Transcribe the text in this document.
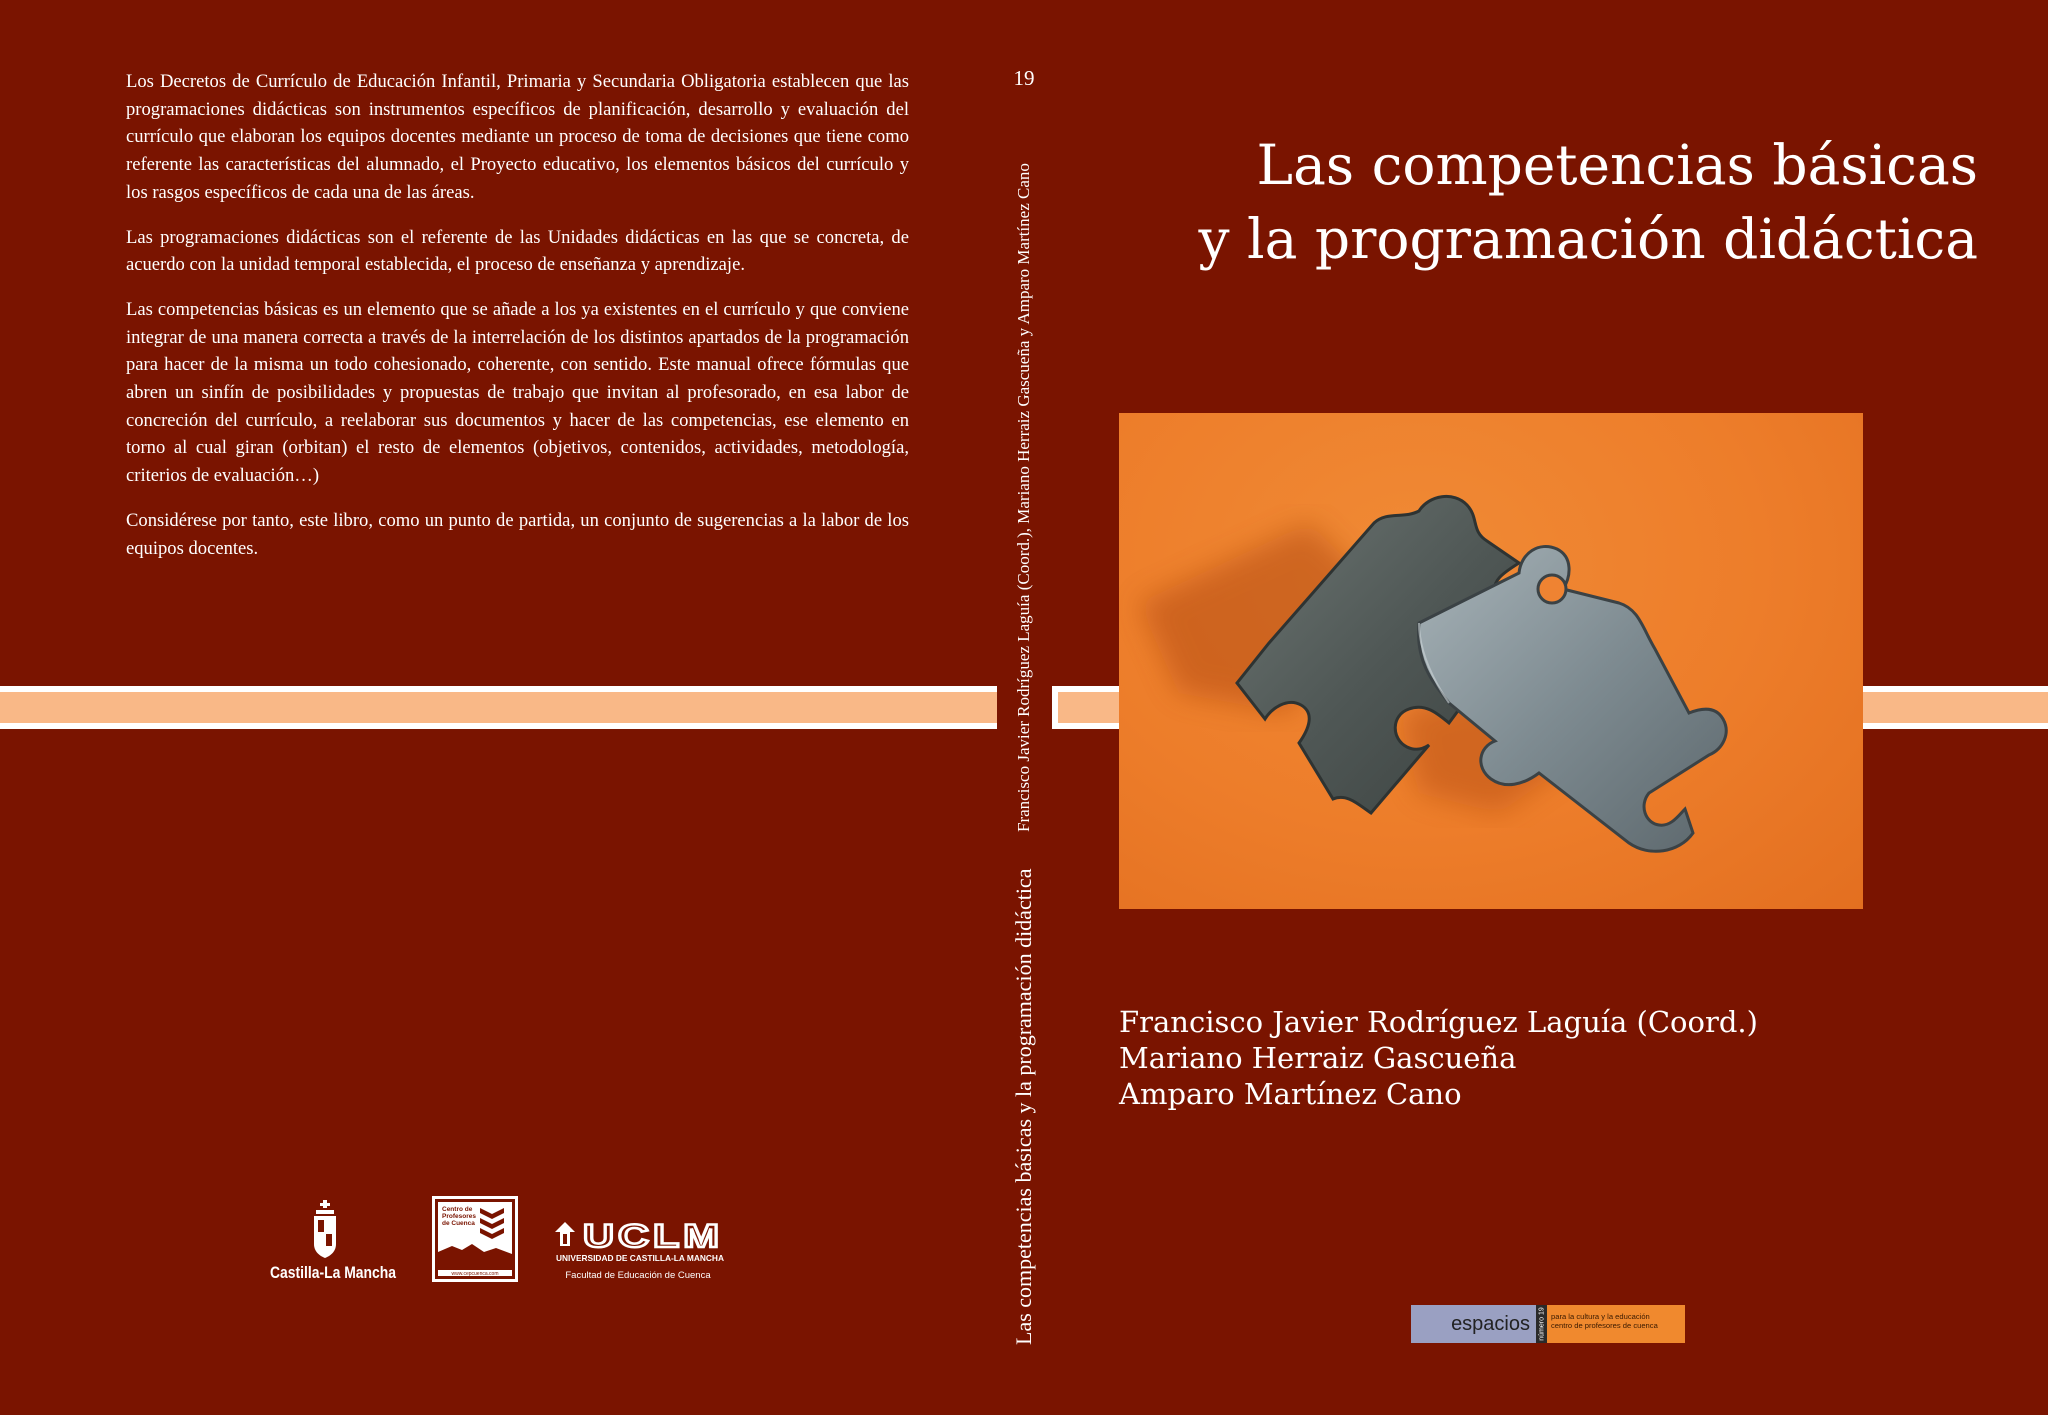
Los Decretos de Currículo de Educación Infantil, Primaria y Secundaria Obligatoria establecen que las programaciones didácticas son instrumentos específicos de planificación, desarrollo y evaluación del currículo que elaboran los equipos docentes mediante un proceso de toma de decisiones que tiene como referente las características del alumnado, el Proyecto educativo, los elementos básicos del currículo y los rasgos específicos de cada una de las áreas.

Las programaciones didácticas son el referente de las Unidades didácticas en las que se concreta, de acuerdo con la unidad temporal establecida, el proceso de enseñanza y aprendizaje.

Las competencias básicas es un elemento que se añade a los ya existentes en el currículo y que conviene integrar de una manera correcta a través de la interrelación de los distintos apartados de la programación para hacer de la misma un todo cohesionado, coherente, con sentido. Este manual ofrece fórmulas que abren un sinfín de posibilidades y propuestas de trabajo que invitan al profesorado, en esa labor de concreción del currículo, a reelaborar sus documentos y hacer de las competencias, ese elemento en torno al cual giran (orbitan) el resto de elementos (objetivos, contenidos, actividades, metodología, criterios de evaluación…)

Considérese por tanto, este libro, como un punto de partida, un conjunto de sugerencias a la labor de los equipos docentes.

19
Francisco Javier Rodríguez Laguía (Coord.), Mariano Herraiz Gascueña y Amparo Martínez Cano
Las competencias básicas y la programación didáctica
Las competencias básicas
y la programación didáctica
Francisco Javier Rodríguez Laguía (Coord.)
Mariano Herraiz Gascueña
Amparo Martínez Cano
Castilla-La Mancha
Centro de
Profesores
de Cuenca
www.cepcuenca.com
UCLM
UNIVERSIDAD DE CASTILLA-LA MANCHA
Facultad de Educación de Cuenca
espacios	número 19 para la cultura y la educación
centro de profesores de cuenca
